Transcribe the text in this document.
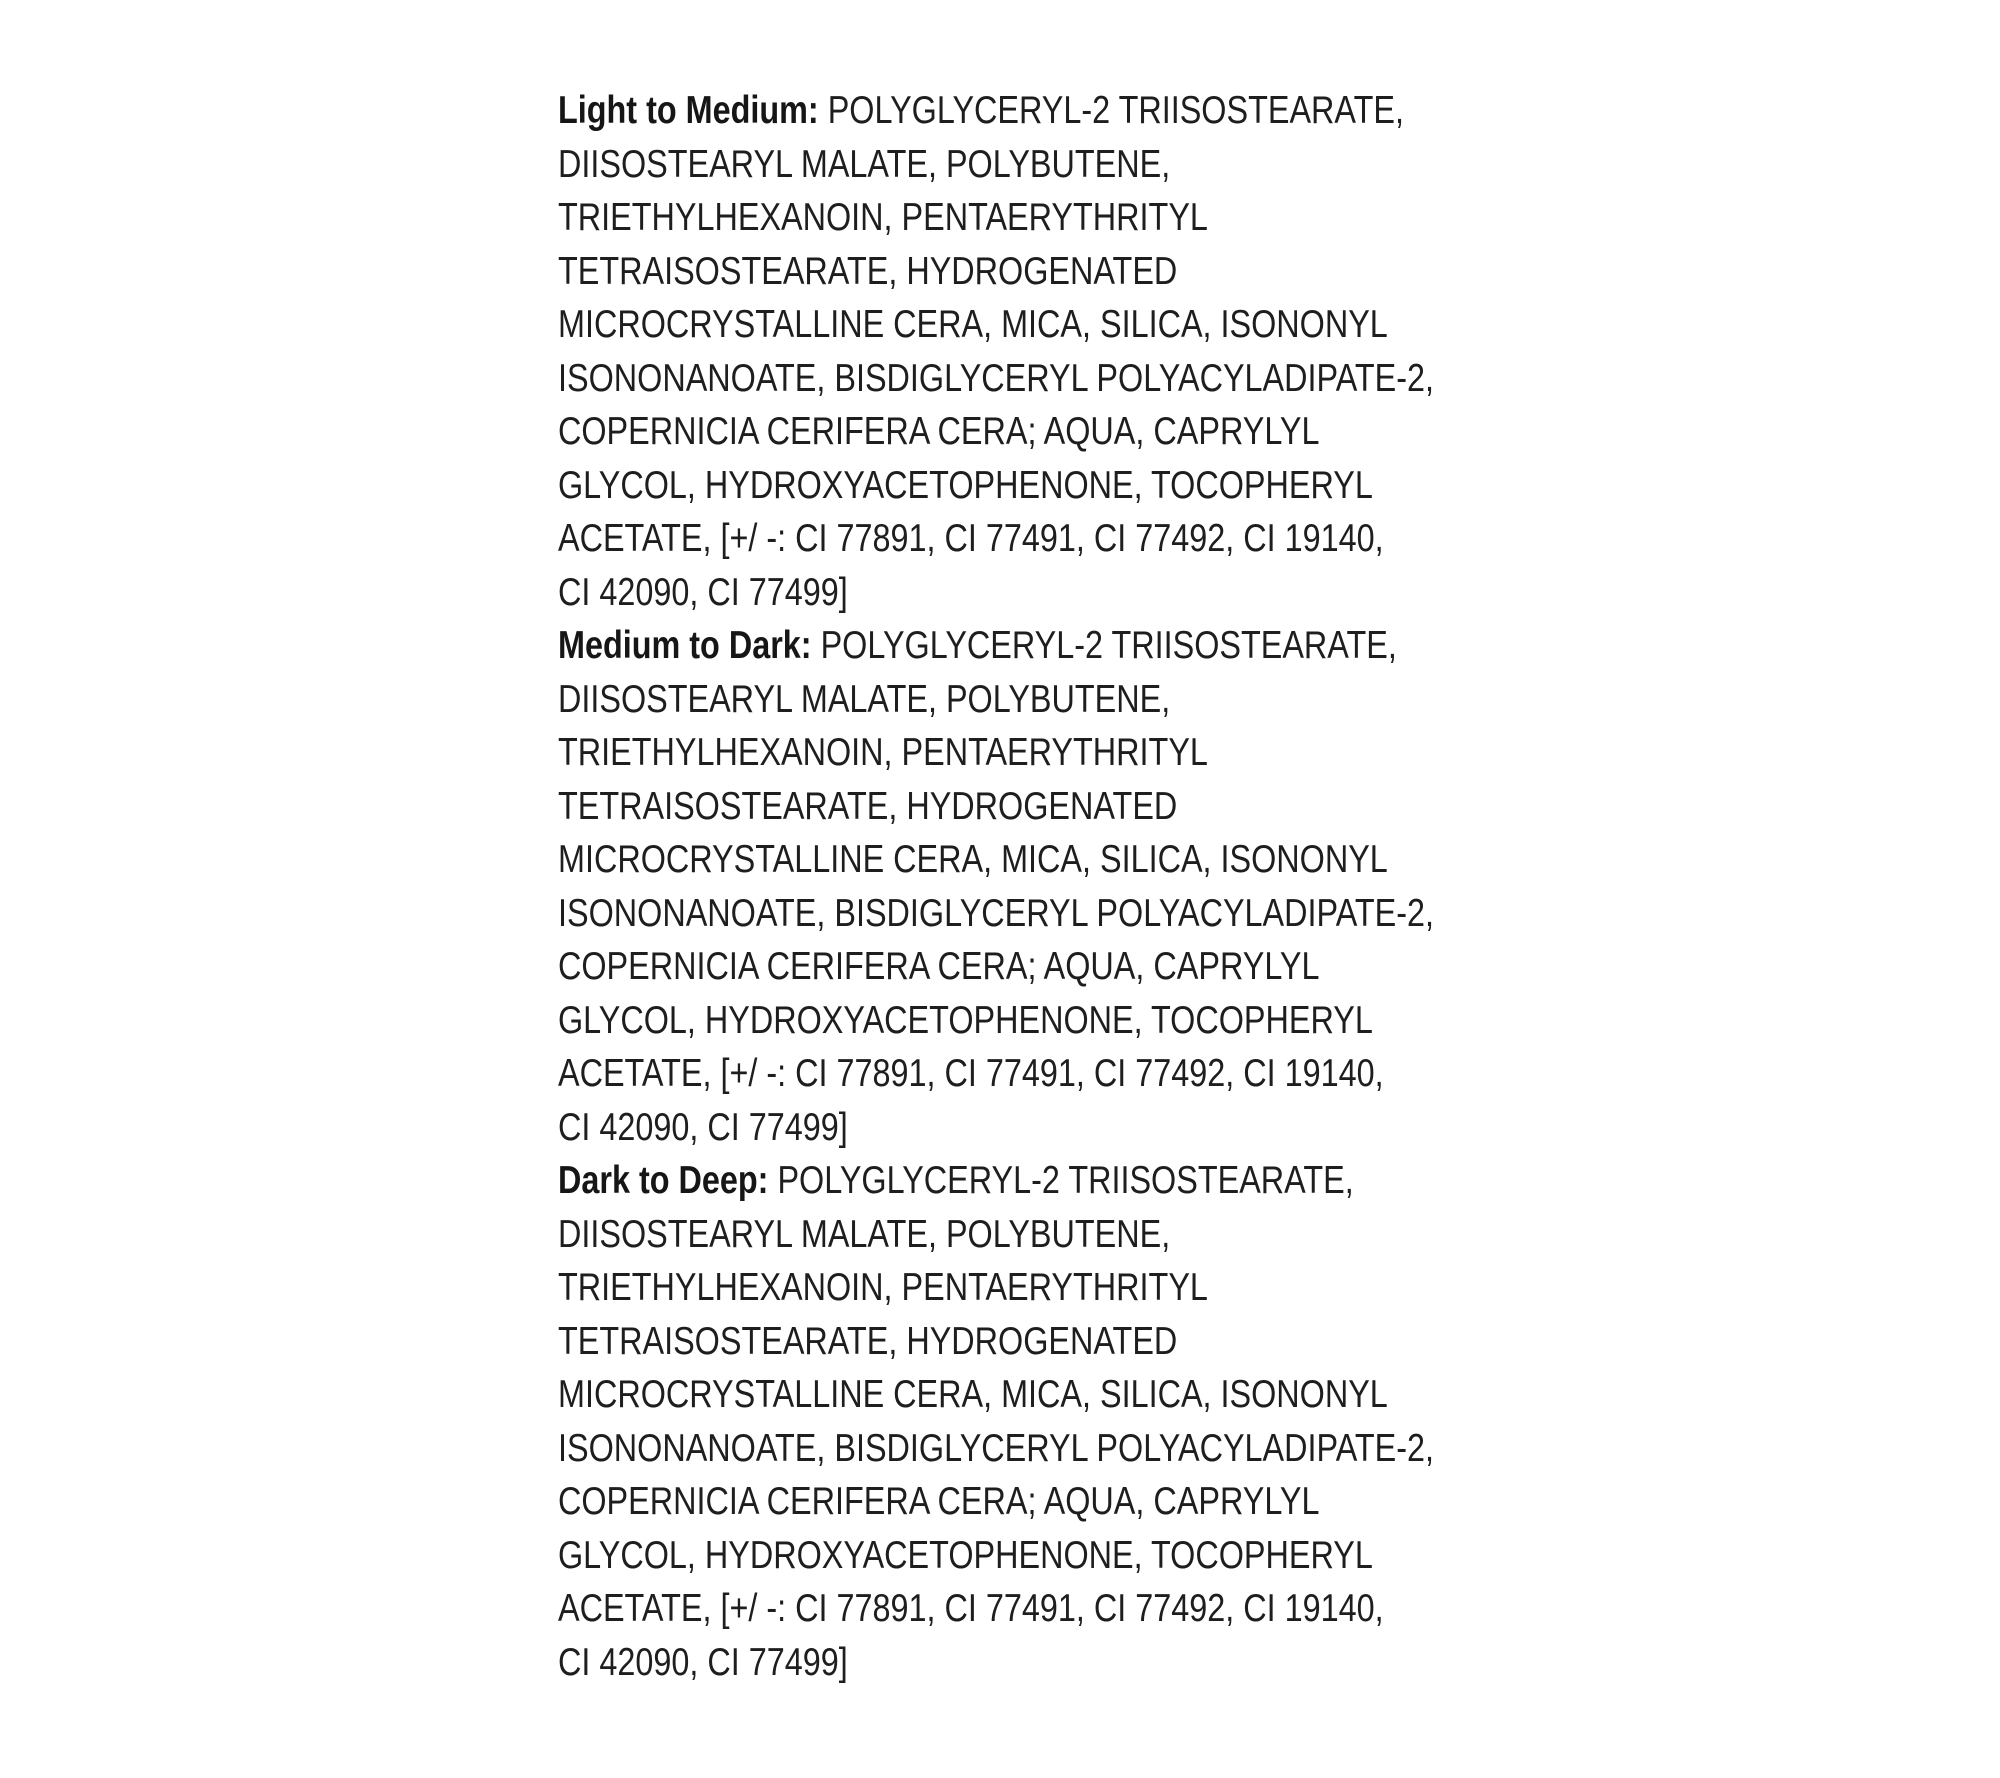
Light to Medium: POLYGLYCERYL-2 TRIISOSTEARATE,
DIISOSTEARYL MALATE, POLYBUTENE,
TRIETHYLHEXANOIN, PENTAERYTHRITYL
TETRAISOSTEARATE, HYDROGENATED
MICROCRYSTALLINE CERA, MICA, SILICA, ISONONYL
ISONONANOATE, BISDIGLYCERYL POLYACYLADIPATE-2,
COPERNICIA CERIFERA CERA; AQUA, CAPRYLYL
GLYCOL, HYDROXYACETOPHENONE, TOCOPHERYL
ACETATE, [+/ -: CI 77891, CI 77491, CI 77492, CI 19140,
CI 42090, CI 77499]
Medium to Dark: POLYGLYCERYL-2 TRIISOSTEARATE,
DIISOSTEARYL MALATE, POLYBUTENE,
TRIETHYLHEXANOIN, PENTAERYTHRITYL
TETRAISOSTEARATE, HYDROGENATED
MICROCRYSTALLINE CERA, MICA, SILICA, ISONONYL
ISONONANOATE, BISDIGLYCERYL POLYACYLADIPATE-2,
COPERNICIA CERIFERA CERA; AQUA, CAPRYLYL
GLYCOL, HYDROXYACETOPHENONE, TOCOPHERYL
ACETATE, [+/ -: CI 77891, CI 77491, CI 77492, CI 19140,
CI 42090, CI 77499]
Dark to Deep: POLYGLYCERYL-2 TRIISOSTEARATE,
DIISOSTEARYL MALATE, POLYBUTENE,
TRIETHYLHEXANOIN, PENTAERYTHRITYL
TETRAISOSTEARATE, HYDROGENATED
MICROCRYSTALLINE CERA, MICA, SILICA, ISONONYL
ISONONANOATE, BISDIGLYCERYL POLYACYLADIPATE-2,
COPERNICIA CERIFERA CERA; AQUA, CAPRYLYL
GLYCOL, HYDROXYACETOPHENONE, TOCOPHERYL
ACETATE, [+/ -: CI 77891, CI 77491, CI 77492, CI 19140,
CI 42090, CI 77499]
